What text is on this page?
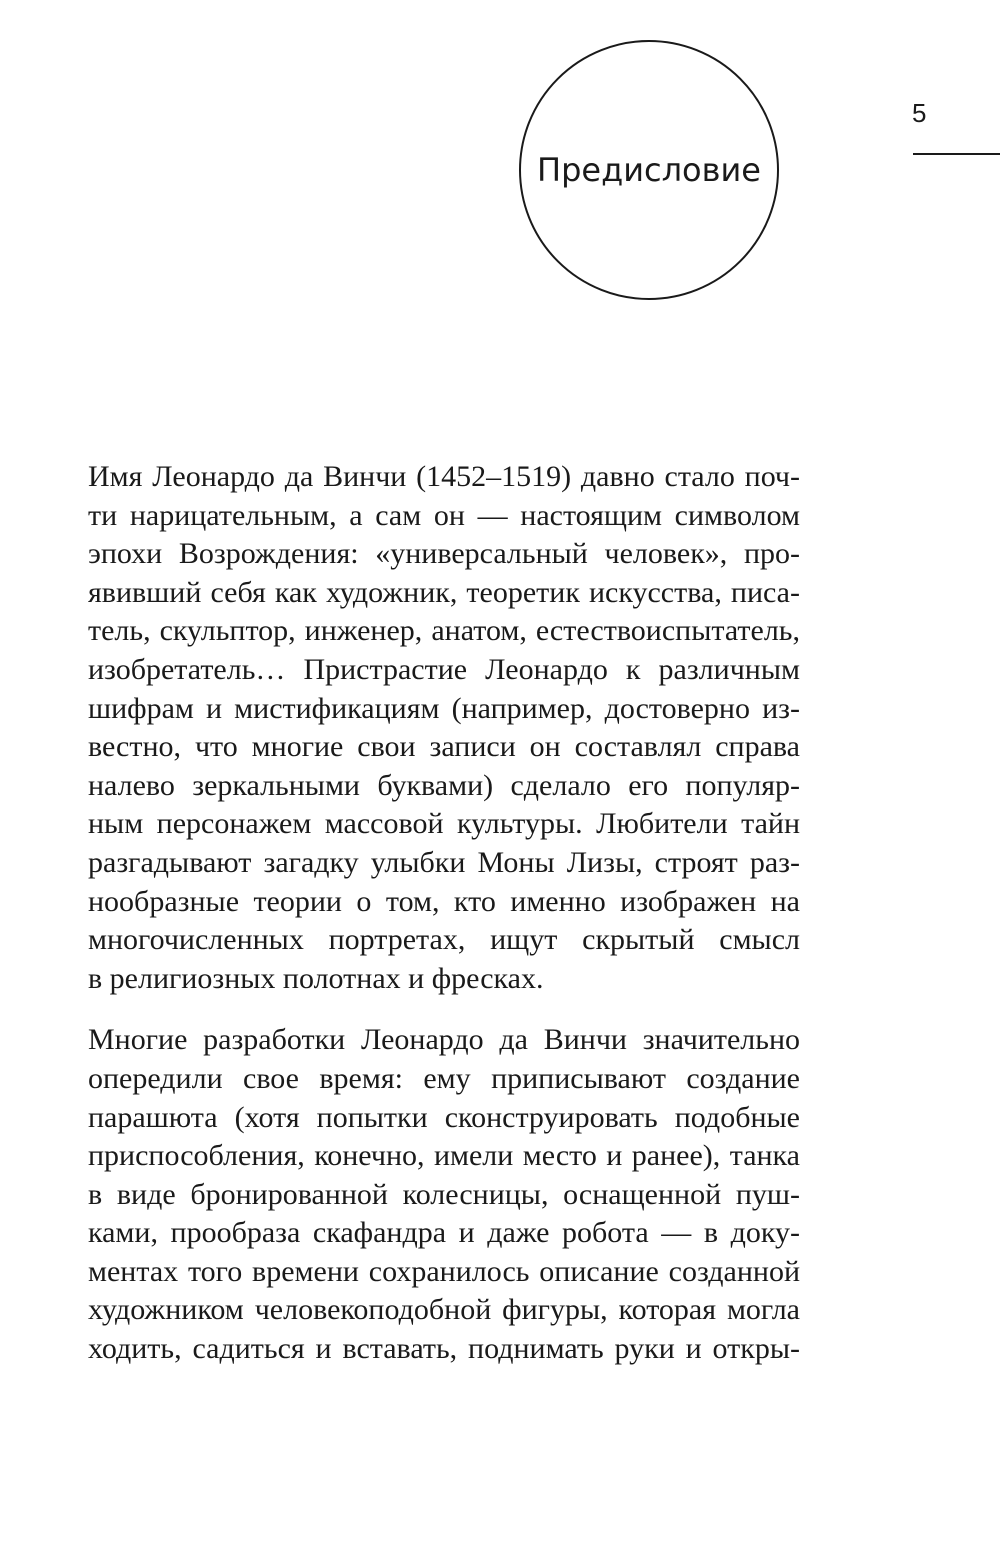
5
Предисловие
Имя Леонардо да Винчи (1452–1519) давно стало поч-
ти нарицательным, а сам он — настоящим символом
эпохи Возрождения: «универсальный человек», про-
явивший себя как художник, теоретик искусства, писа-
тель, скульптор, инженер, анатом, естествоиспытатель,
изобретатель… Пристрастие Леонардо к различным
шифрам и мистификациям (например, достоверно из-
вестно, что многие свои записи он составлял справа
налево зеркальными буквами) сделало его популяр-
ным персонажем массовой культуры. Любители тайн
разгадывают загадку улыбки Моны Лизы, строят раз-
нообразные теории о том, кто именно изображен на
многочисленных портретах, ищут скрытый смысл
в религиозных полотнах и фресках.
Многие разработки Леонардо да Винчи значительно
опередили свое время: ему приписывают создание
парашюта (хотя попытки сконструировать подобные
приспособления, конечно, имели место и ранее), танка
в виде бронированной колесницы, оснащенной пуш-
ками, прообраза скафандра и даже робота — в доку-
ментах того времени сохранилось описание созданной
художником человекоподобной фигуры, которая могла
ходить, садиться и вставать, поднимать руки и откры-
